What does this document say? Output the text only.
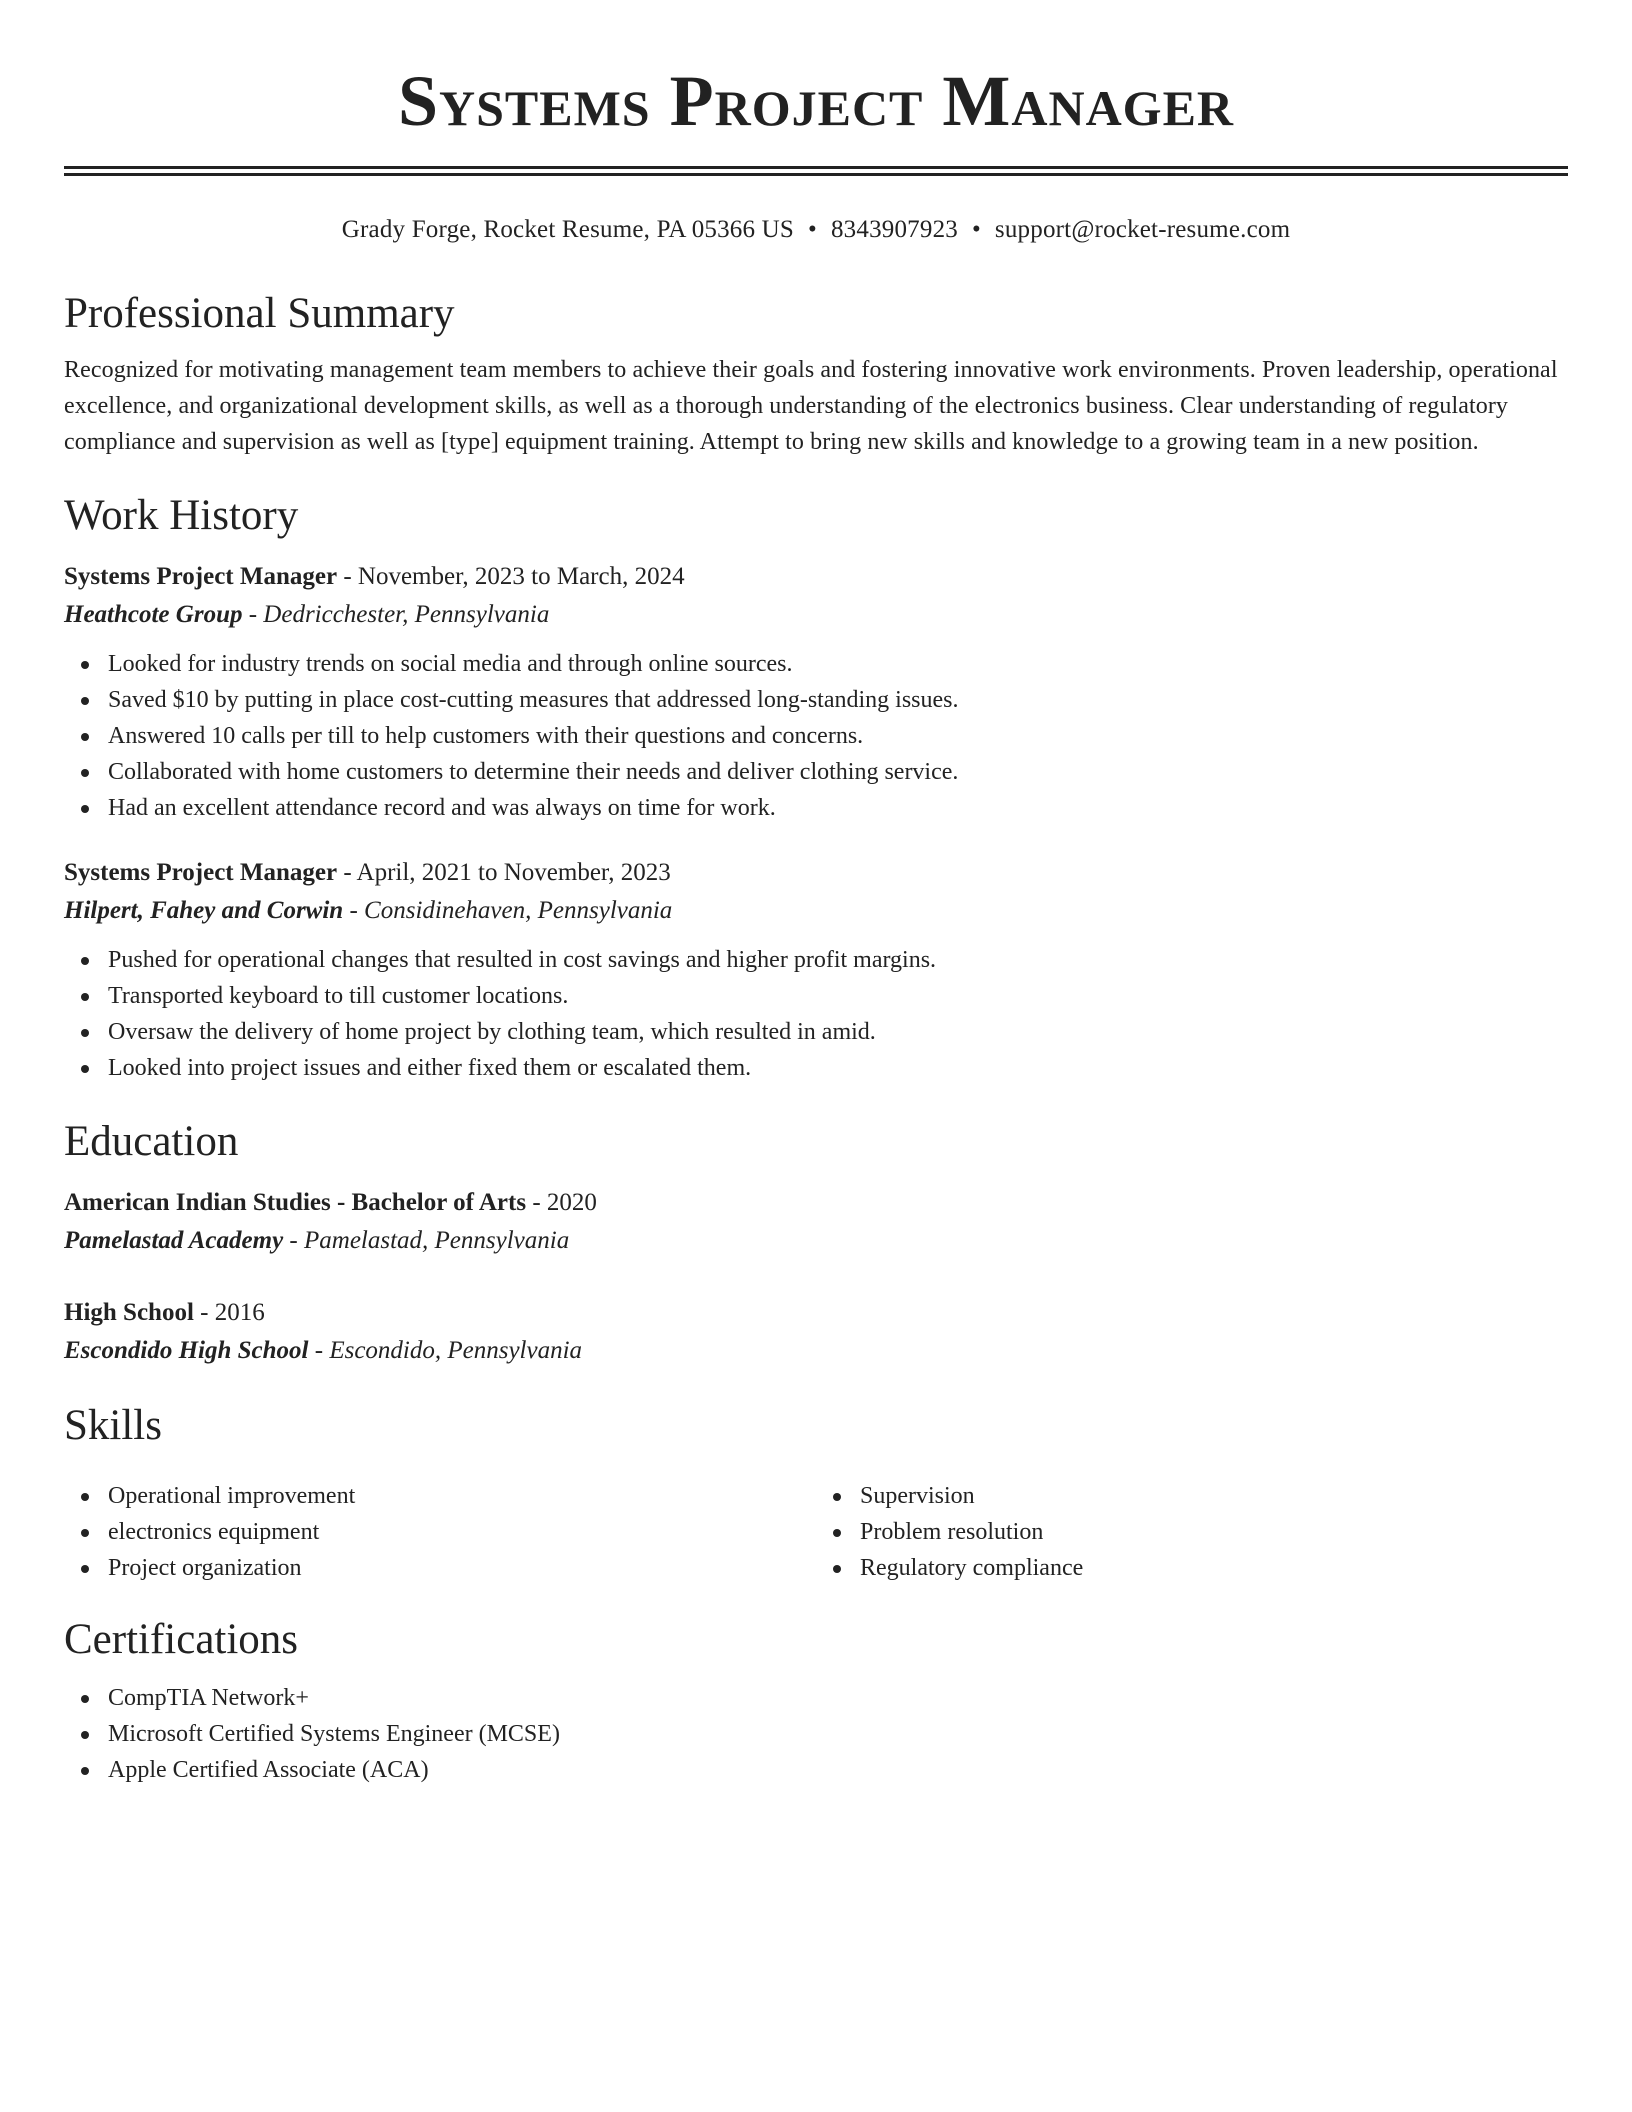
Systems Project Manager
Grady Forge, Rocket Resume, PA 05366 US • 8343907923 • support@rocket-resume.com
Professional Summary

Recognized for motivating management team members to achieve their goals and fostering innovative work environments. Proven leadership, operational excellence, and organizational development skills, as well as a thorough understanding of the electronics business. Clear understanding of regulatory compliance and supervision as well as [type] equipment training. Attempt to bring new skills and knowledge to a growing team in a new position.

Work History
Systems Project Manager - November, 2023 to March, 2024
Heathcote Group - Dedricchester, Pennsylvania
Looked for industry trends on social media and through online sources.
Saved $10 by putting in place cost-cutting measures that addressed long-standing issues.
Answered 10 calls per till to help customers with their questions and concerns.
Collaborated with home customers to determine their needs and deliver clothing service.
Had an excellent attendance record and was always on time for work.
Systems Project Manager - April, 2021 to November, 2023
Hilpert, Fahey and Corwin - Considinehaven, Pennsylvania
Pushed for operational changes that resulted in cost savings and higher profit margins.
Transported keyboard to till customer locations.
Oversaw the delivery of home project by clothing team, which resulted in amid.
Looked into project issues and either fixed them or escalated them.
Education
American Indian Studies - Bachelor of Arts - 2020
Pamelastad Academy - Pamelastad, Pennsylvania
High School - 2016
Escondido High School - Escondido, Pennsylvania
Skills
Operational improvement
electronics equipment
Project organization
Supervision
Problem resolution
Regulatory compliance
Certifications
CompTIA Network+
Microsoft Certified Systems Engineer (MCSE)
Apple Certified Associate (ACA)
